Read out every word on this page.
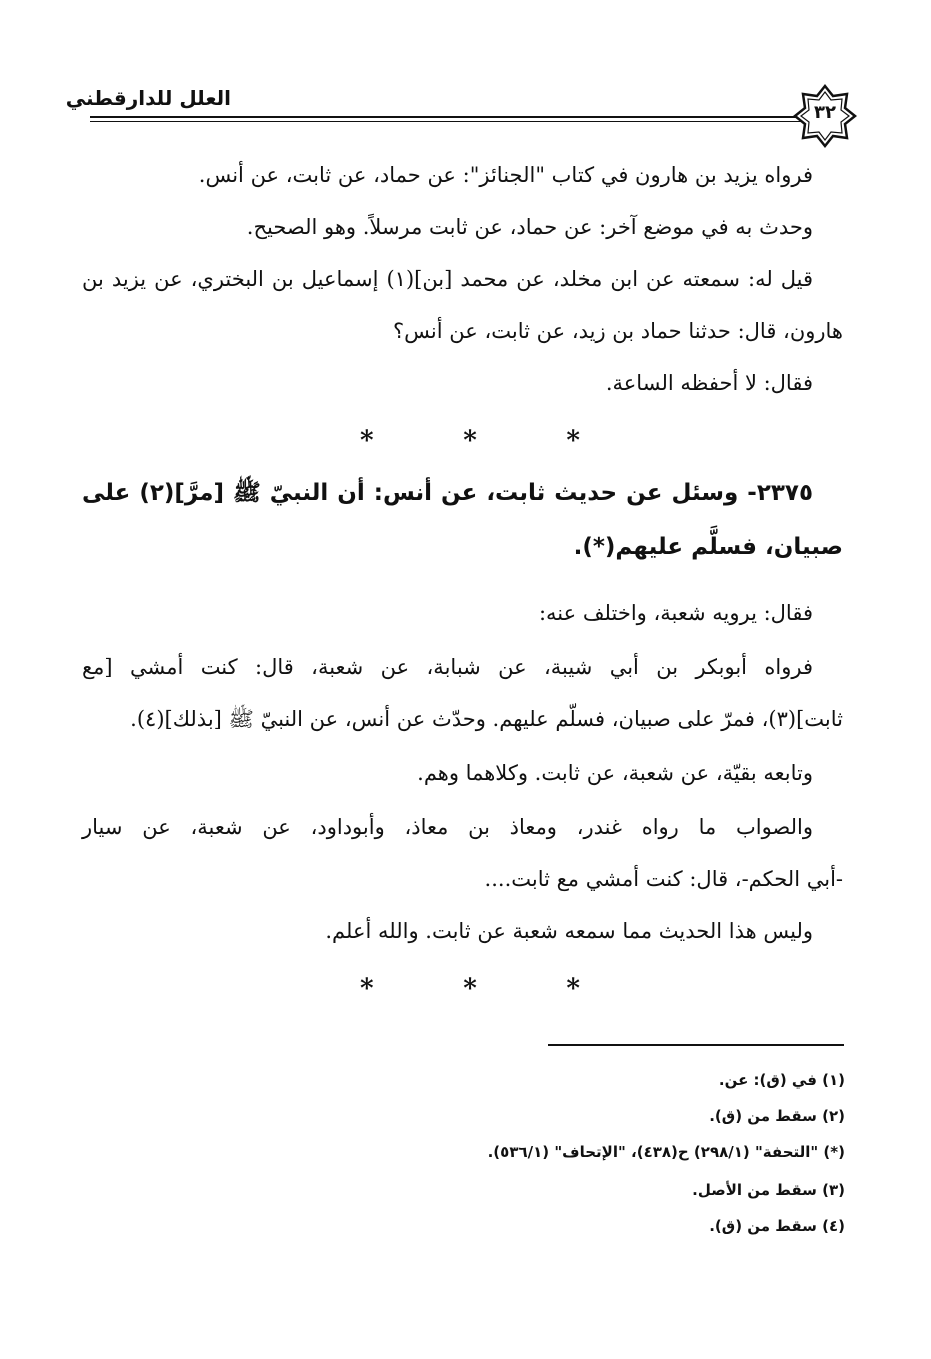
العلل للدارقطني
٣٢
فرواه يزيد بن هارون في كتاب "الجنائز": عن حماد، عن ثابت، عن أنس.
وحدث به في موضع آخر: عن حماد، عن ثابت مرسلاً. وهو الصحيح.
قيل له: سمعته عن ابن مخلد، عن محمد [بن](١) إسماعيل بن البختري، عن يزيد بن
هارون، قال: حدثنا حماد بن زيد، عن ثابت، عن أنس؟
فقال: لا أحفظه الساعة.
*	*	*
٢٣٧٥- وسئل عن حديث ثابت، عن أنس: أن النبيّ ﷺ [مرَّ](٢) على
صبيان، فسلَّم عليهم(*).
فقال: يرويه شعبة، واختلف عنه:
فرواه أبوبكر بن أبي شيبة، عن شبابة، عن شعبة، قال: كنت أمشي [مع
ثابت](٣)، فمرّ على صبيان، فسلّم عليهم. وحدّث عن أنس، عن النبيّ ﷺ [بذلك](٤).
وتابعه بقيّة، عن شعبة، عن ثابت. وكلاهما وهم.
والصواب ما رواه غندر، ومعاذ بن معاذ، وأبوداود، عن شعبة، عن سيار
-أبي الحكم-، قال: كنت أمشي مع ثابت....
وليس هذا الحديث مما سمعه شعبة عن ثابت. والله أعلم.
*	*	*
(١) في (ق): عن.
(٢) سقط من (ق).
(*) "التحفة" (٢٩٨/١) ح(٤٣٨)، "الإتحاف" (٥٣٦/١).
(٣) سقط من الأصل.
(٤) سقط من (ق).
